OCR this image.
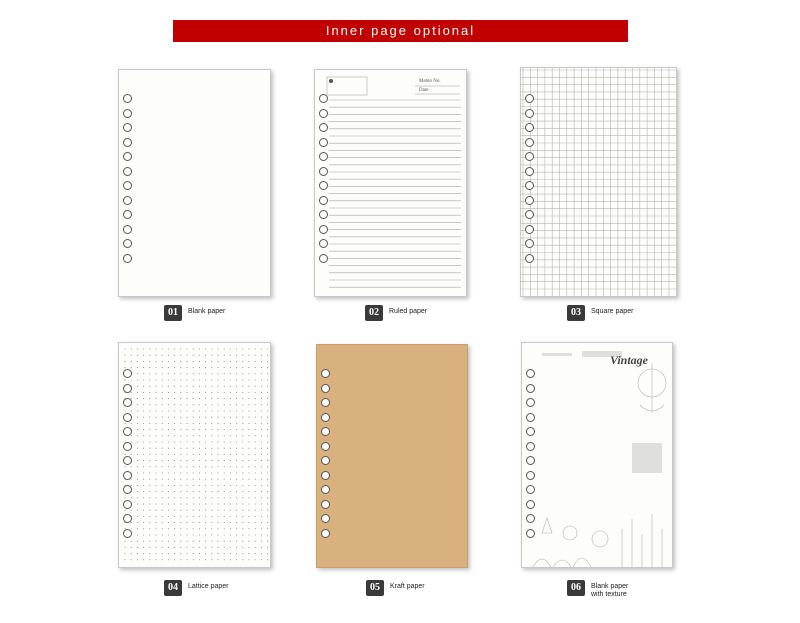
Inner page optional
01	Blank paper
Memo No.
Date
02	Ruled paper	03	Square paper
04	Lattice paper	05	Kraft paper
Vintage
06	Blank paper
with texture
